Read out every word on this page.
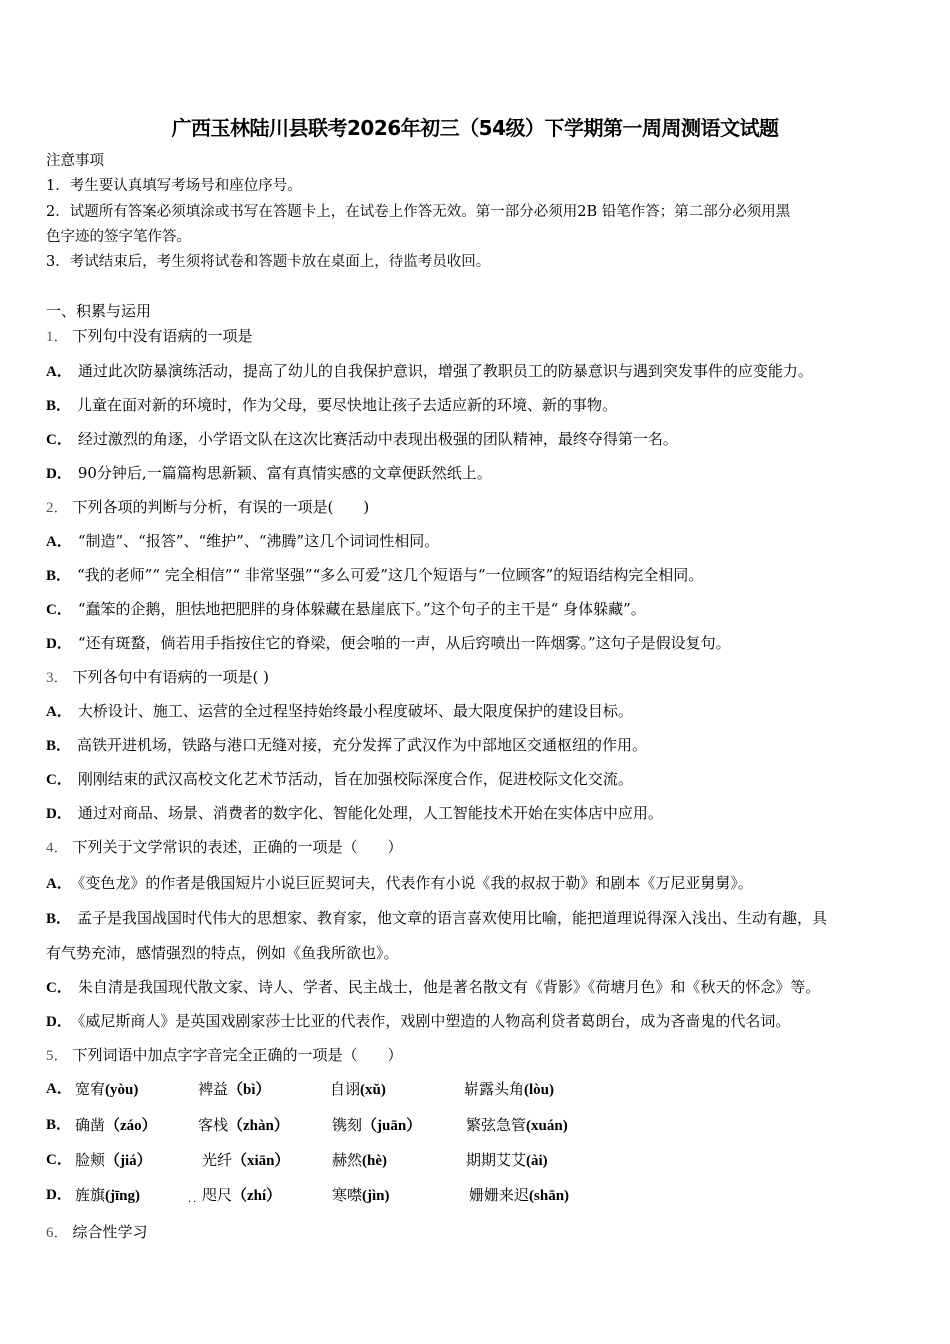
广西玉林陆川县联考2026年初三（54级）下学期第一周周测语文试题
注意事项
1．考生要认真填写考场号和座位序号。
2．试题所有答案必须填涂或书写在答题卡上，在试卷上作答无效。第一部分必须用2B 铅笔作答；第二部分必须用黑
色字迹的签字笔作答。
3．考试结束后，考生须将试卷和答题卡放在桌面上，待监考员收回。
一、积累与运用
1． 下列句中没有语病的一项是
A． 通过此次防暴演练活动，提高了幼儿的自我保护意识，增强了教职员工的防暴意识与遇到突发事件的应变能力。
B． 儿童在面对新的环境时，作为父母，要尽快地让孩子去适应新的环境、新的事物。
C． 经过激烈的角逐，小学语文队在这次比赛活动中表现出极强的团队精神，最终夺得第一名。
D． 90分钟后,一篇篇构思新颖、富有真情实感的文章便跃然纸上。
2． 下列各项的判断与分析，有误的一项是(　　)
A． “制造”、“报答”、“维护”、“沸腾”这几个词词性相同。
B． “我的老师”“ 完全相信”“ 非常坚强”“多么可爱”这几个短语与“一位顾客”的短语结构完全相同。
C． “蠢笨的企鹅，胆怯地把肥胖的身体躲藏在悬崖底下。”这个句子的主干是“ 身体躲藏”。
D． “还有斑蝥，倘若用手指按住它的脊梁，便会啪的一声，从后窍喷出一阵烟雾。”这句子是假设复句。
3． 下列各句中有语病的一项是( )
A． 大桥设计、施工、运营的全过程坚持始终最小程度破坏、最大限度保护的建设目标。
B． 高铁开进机场，铁路与港口无缝对接，充分发挥了武汉作为中部地区交通枢纽的作用。
C． 刚刚结束的武汉高校文化艺术节活动，旨在加强校际深度合作，促进校际文化交流。
D． 通过对商品、场景、消费者的数字化、智能化处理，人工智能技术开始在实体店中应用。
4． 下列关于文学常识的表述，正确的一项是（　　）
A． 《变色龙》的作者是俄国短片小说巨匠契诃夫，代表作有小说《我的叔叔于勒》和剧本《万尼亚舅舅》。
B． 孟子是我国战国时代伟大的思想家、教育家，他文章的语言喜欢使用比喻，能把道理说得深入浅出、生动有趣，具
有气势充沛，感情强烈的特点，例如《鱼我所欲也》。
C． 朱自清是我国现代散文家、诗人、学者、民主战士，他是著名散文有《背影》《荷塘月色》和《秋天的怀念》等。
D． 《威尼斯商人》是英国戏剧家莎士比亚的代表作，戏剧中塑造的人物高利贷者葛朗台，成为吝啬鬼的代名词。
5． 下列词语中加点字字音完全正确的一项是（　　）
A． 宽宥(yòu)	裨益（bì）	自诩(xǔ)	崭露头角(lòu)
B． 确凿（záo）	客栈（zhàn）	镌刻（juān）	繁弦急管(xuán)
C． 脸颊（jiá）	光纤（xiān）	赫然(hè)	期期艾艾(ài)
D． 旌旗(jīng)	·· 咫尺（zhí）	寒噤(jìn)	姗姗来迟(shān)
6． 综合性学习
